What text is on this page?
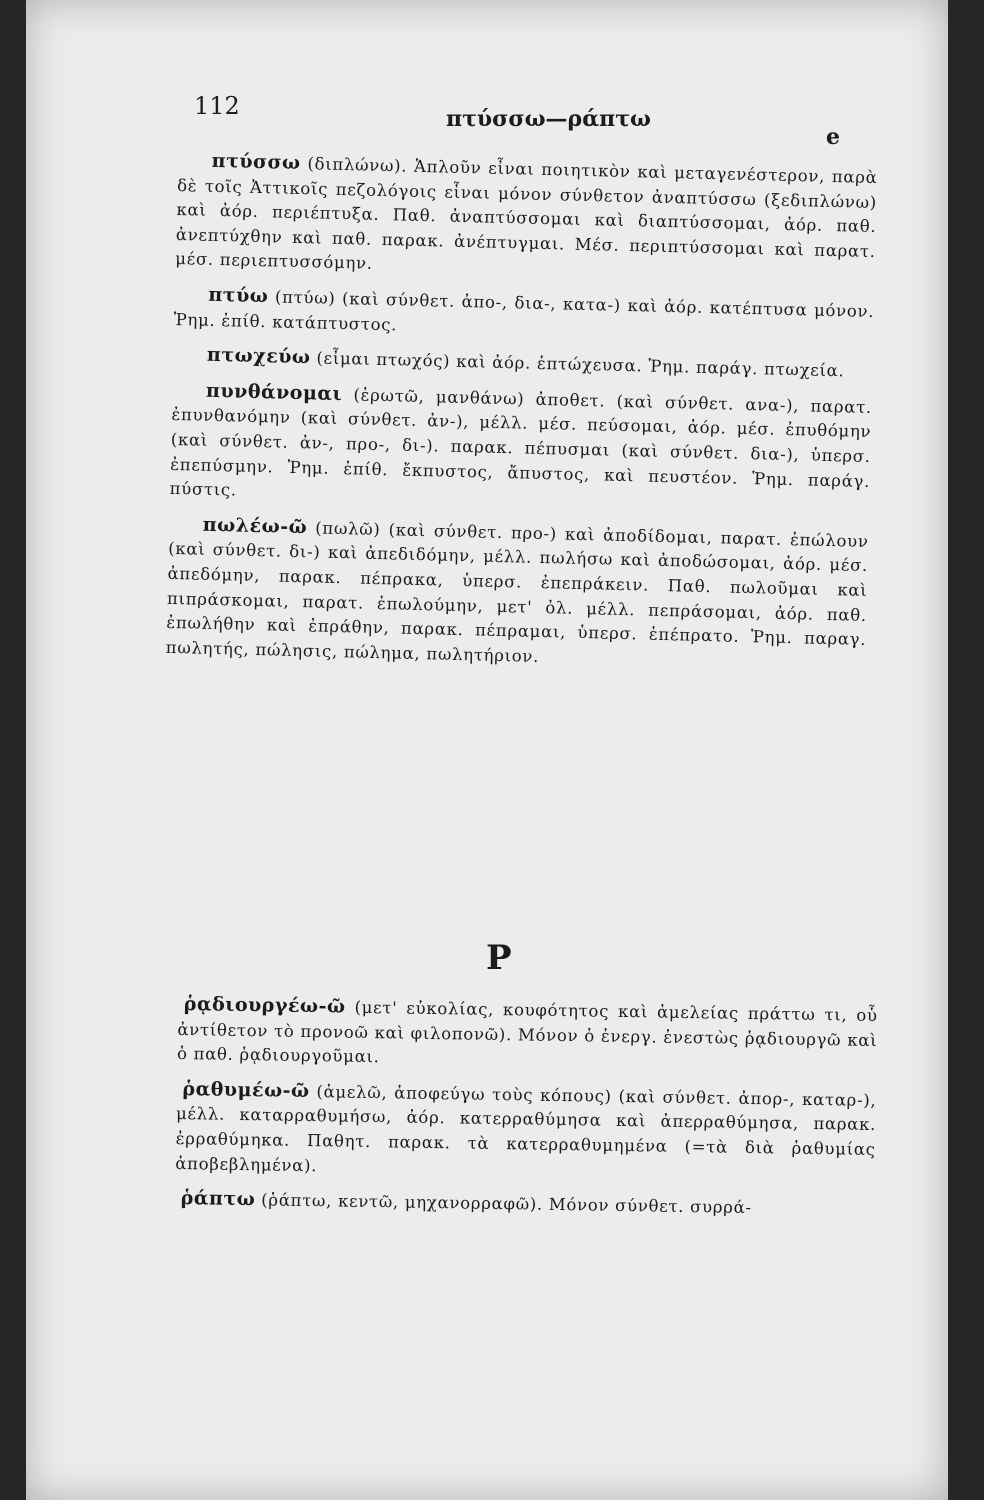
112	πτύσσω—ράπτω
e
πτύσσω (διπλώνω). Ἁπλοῦν εἶναι ποιητικὸν καὶ μεταγενέστερον, παρὰ δὲ τοῖς Ἀττικοῖς πεζολόγοις εἶναι μόνον σύνθετον ἀναπτύσσω (ξεδιπλώνω) καὶ ἀόρ. περιέπτυξα. Παθ. ἀναπτύσσομαι καὶ διαπτύσσομαι, ἀόρ. παθ. ἀνεπτύχθην καὶ παθ. παρακ. ἀνέπτυγμαι. Μέσ. περιπτύσσομαι καὶ παρατ. μέσ. περιεπτυσσόμην.
πτύω (πτύω) (καὶ σύνθετ. ἀπο-, δια-, κατα-) καὶ ἀόρ. κατέπτυσα μόνον. Ῥημ. ἐπίθ. κατάπτυστος.
πτωχεύω (εἶμαι πτωχός) καὶ ἀόρ. ἐπτώχευσα. Ῥημ. παράγ. πτωχεία.
πυνθάνομαι (ἐρωτῶ, μανθάνω) ἀποθετ. (καὶ σύνθετ. ανα-), παρατ. ἐπυνθανόμην (καὶ σύνθετ. ἀν-), μέλλ. μέσ. πεύσομαι, ἀόρ. μέσ. ἐπυθόμην (καὶ σύνθετ. ἀν-, προ-, δι-). παρακ. πέπυσμαι (καὶ σύνθετ. δια-), ὑπερσ. ἐπεπύσμην. Ῥημ. ἐπίθ. ἔκπυστος, ἄπυστος, καὶ πευστέον. Ῥημ. παράγ. πύστις.
πωλέω-ῶ (πωλῶ) (καὶ σύνθετ. προ-) καὶ ἀποδίδομαι, παρατ. ἐπώλουν (καὶ σύνθετ. δι-) καὶ ἀπεδιδόμην, μέλλ. πωλήσω καὶ ἀποδώσομαι, ἀόρ. μέσ. ἀπεδόμην, παρακ. πέπρακα, ὑπερσ. ἐπεπράκειν. Παθ. πωλοῦμαι καὶ πιπράσκομαι, παρατ. ἐπωλούμην, μετ' ὀλ. μέλλ. πεπράσομαι, ἀόρ. παθ. ἐπωλήθην καὶ ἐπράθην, παρακ. πέπραμαι, ὑπερσ. ἐπέπρατο. Ῥημ. παραγ. πωλητής, πώλησις, πώλημα, πωλητήριον.
Ρ
ῥᾳδιουργέω-ῶ (μετ' εὐκολίας, κουφότητος καὶ ἀμελείας πράττω τι, οὗ ἀντίθετον τὸ προνοῶ καὶ φιλοπονῶ). Μόνον ὁ ἐνεργ. ἐνεστὼς ῥᾳδιουργῶ καὶ ὁ παθ. ῥᾳδιουργοῦμαι.
ῥαθυμέω-ῶ (ἀμελῶ, ἀποφεύγω τοὺς κόπους) (καὶ σύνθετ. ἀπορ-, καταρ-), μέλλ. καταρραθυμήσω, ἀόρ. κατερραθύμησα καὶ ἀπερραθύμησα, παρακ. ἐρραθύμηκα. Παθητ. παρακ. τὰ κατερραθυμημένα (=τὰ διὰ ῥαθυμίας ἀποβεβλημένα).
ῥάπτω (ῥάπτω, κεντῶ, μηχανορραφῶ). Μόνον σύνθετ. συρρά-
